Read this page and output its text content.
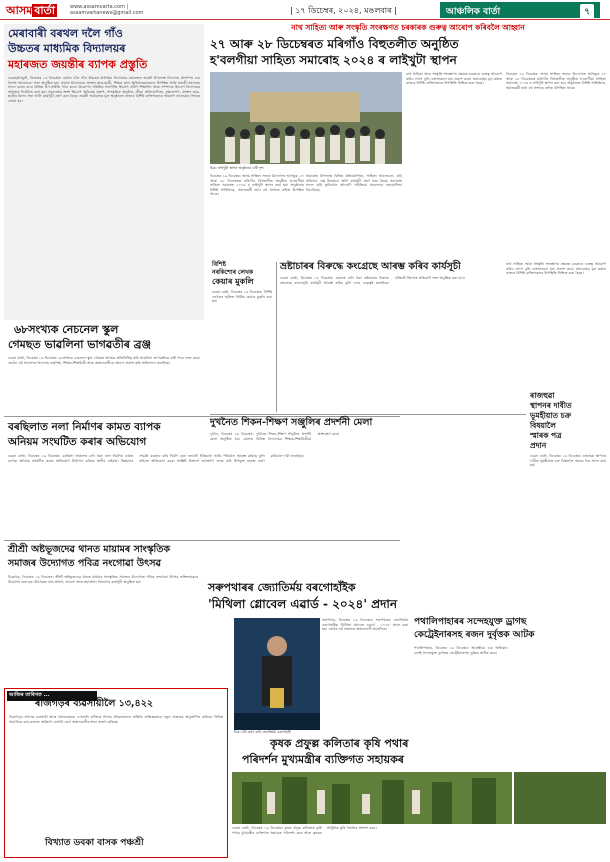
আসম বাৰ্তা	www.assamvarta.com | assamvartanews@gmail.com	| ১৭ ডিচেম্বৰ, ২০২৪, মঙলবাৰ |	আঞ্চলিক বাৰ্তা	৭
মেৰাবাৰী বৰথল দলৈ গাঁও
উচ্চতৰ মাধ্যমিক বিদ্যালয়ৰ
মহাৰজত জয়ন্তীৰ ব্যাপক প্ৰস্তুতি
ডবকা/মাজুলী, ডিচেম্বৰ ১৬ ডিচেম্বৰ: বৰথল দলৈ গাঁও উচ্চতৰ মাধ্যমিক বিদ্যালয়ৰ মহাৰজত জয়ন্তী উপলক্ষে বিদ্যালয় প্ৰাংগণত এক বিশেষ আলোচনা সভা অনুষ্ঠিত হয়। সভাত বিদ্যালয়ৰ প্ৰাক্তন ছাত্ৰ-ছাত্ৰী, শিক্ষক তথা অভিভাৱকসকলে উপস্থিত থাকি জয়ন্তী সমাৰোহ সফল কৰাৰ বাবে বিভিন্ন উপ-সমিতি গঠন কৰে। উদযাপন সমিতিৰ সভাপতি হিচাপে প্ৰবীণ শিক্ষাবিদ আৰু সম্পাদক হিচাপে বিদ্যালয়ৰ অধ্যক্ষক নিৰ্বাচিত কৰা হয়। সমাৰোহৰ অংশ হিচাপে স্মৃতিগ্ৰন্থ প্ৰকাশ, সাংস্কৃতিক অনুষ্ঠান, ক্ৰীড়া প্ৰতিযোগিতা, বৃক্ষৰোপণ, প্ৰাক্তন ছাত্ৰ-ছাত্ৰীৰ মিলন সভা আদি কাৰ্যসূচী গ্ৰহণ কৰা হৈছে। জয়ন্তী সমাৰোহৰ মূল অনুষ্ঠানত ৰাজ্যৰ বিশিষ্ট ব্যক্তিসকলক আমন্ত্ৰণ জনোৱাৰ সিদ্ধান্ত লোৱা হয়।
৬৮সংখ্যক নেচনেল স্কুল
গেমছত ভাৱলিনা ভাগৱতীৰ ব্ৰঞ্জ
ডবকা বাৰ্তা, ডিচেম্বৰ ১৬ ডিচেম্বৰ: ৬৮সংখ্যক নেচনেল স্কুল গেমছত অসমক প্ৰতিনিধিত্ব কৰি ভাৱলিনা ভাগৱতীয়ে ব্ৰঞ্জ পদক লাভ কৰে। তেওঁৰ এই সাফল্যত বিদ্যালয় কৰ্তৃপক্ষ, শিক্ষক-শিক্ষয়িত্ৰী আৰু অঞ্চলবাসীয়ে আনন্দ প্ৰকাশ কৰি অভিনন্দন জনাইছে।
বৰছিলাত নলা নিৰ্মাণৰ কামত ব্যাপক
অনিয়ম সংঘটিত কৰাৰ অভিযোগ
ডবকা বাৰ্তা, ডিচেম্বৰ ১৬ ডিচেম্বৰ: বৰছিলা অঞ্চলত চলি থকা নলা নিৰ্মাণৰ কামত ব্যাপক অনিয়ম সংঘটিত কৰাৰ অভিযোগ উত্থাপন কৰিছে স্থানীয় ৰাইজে। নিম্নমানৰ সামগ্ৰী ব্যৱহাৰ কৰি নিৰ্মাণ কৰা নলাটো ইতিমধ্যে ভাঙি পৰিবলৈ আৰম্ভ কৰিছে বুলি ৰাইজে অভিযোগ কৰে। সংশ্লিষ্ট বিভাগে তৎক্ষণাৎ তদন্ত কৰি উপযুক্ত ব্যৱস্থা গ্ৰহণ কৰিবলৈ দাবী জনাইছে।
শ্ৰীশ্ৰী অষ্টভূজদেৱ থানত মায়ামৰ সাংস্কৃতিক
সমাজৰ উদ্যোগত পবিত্ৰ নংগোৱা উৎসৱ
ডিব্ৰুগড়, ডিচেম্বৰ ১৬ ডিচেম্বৰ: শ্ৰীশ্ৰী অষ্টভূজদেৱ থানত মায়ামৰ সাংস্কৃতিক সমাজৰ উদ্যোগত পবিত্ৰ নংগোৱা উৎসৱ ভক্তিভাৱেৰে উদযাপন কৰা হয়। উৎসৱত নাম-প্ৰসংগ, ভাওনা আৰু মহাপ্ৰসাদ বিতৰণৰ কাৰ্যসূচী অনুষ্ঠিত হয়।
আজিৰ তাৰিখত ...
ৰাজগড়ৰ ব্যৱসায়ীলৈ ১৩,৪২২
ডিব্ৰুগড়ৰ প্ৰখ্যাত ব্যৱসায়ী আৰু সমাজসেৱক এগৰাকী ব্যক্তিয়ে নিজৰ জীৱনকালত অৰ্জিত অভিজ্ঞতাৰে নতুন প্ৰজন্মক অনুপ্ৰাণিত কৰিছে। বিভিন্ন সামাজিক কাম-কাজত অৰিহণা যোগাই তেওঁ অঞ্চলবাসীৰ শ্ৰদ্ধা অৰ্জন কৰিছে।
বিখ্যাত ডবকা বাসক পঞ্চশ্ৰী
নাথ সাহিত্য আৰু সংস্কৃতি সংৰক্ষণত চৰকাৰক গুৰুত্ব আৰোপ কৰিবলৈ আহ্বান
২৭ আৰু ২৮ ডিচেম্বৰত মৰিগাঁও বিহুতলীত অনুষ্ঠিত
হ'বলগীয়া সাহিত্য সমাৰোহ ২০২৪ ৰ লাইখুটা স্থাপন
চিত্ৰ: লাইখুটা স্থাপন অনুষ্ঠানৰ এটি দৃশ্য
ডিচেম্বৰ ১৬ ডিচেম্বৰ: অসম সাহিত্য সভাৰ উদ্যোগত আগন্তুক ২৭ আৰু ২৮ ডিচেম্বৰত মৰিগাঁও বিহুতলীত অনুষ্ঠিত হ'বলগীয়া সাহিত্য সমাৰোহ ২০২৪ ৰ লাইখুটা স্থাপন কৰা হয়। অনুষ্ঠানত বিশিষ্ট সাহিত্যিক, সমাজকৰ্মী তথা বহু সংখ্যক ৰাইজ উপস্থিত থাকে।
সমাৰোহ উপলক্ষে বিভিন্ন প্ৰতিযোগিতা, সাহিত্য আলোচনা, কবি সন্মিলন, গ্ৰন্থ উন্মোচন আদি কাৰ্যসূচী গ্ৰহণ কৰা হৈছে। সমাৰোহ সফল কৰি তুলিবলৈ আদৰণি সমিতিয়ে সকলোৰে সহযোগিতা বিচাৰিছে।
নাথ সাহিত্য আৰু সংস্কৃতি সংৰক্ষণৰ ক্ষেত্ৰত চৰকাৰে গুৰুত্ব আৰোপ কৰিব লাগে বুলি বক্তাসকলে মত প্ৰকাশ কৰে। সমাৰোহৰ মূল মঞ্চত ৰাজ্যৰ বিশিষ্ট ব্যক্তিসকলৰ উপস্থিতি নিশ্চিত কৰা হৈছে।
ডিচেম্বৰ ১৬ ডিচেম্বৰ: অসম সাহিত্য সভাৰ উদ্যোগত আগন্তুক ২৭ আৰু ২৮ ডিচেম্বৰত মৰিগাঁও বিহুতলীত অনুষ্ঠিত হ'বলগীয়া সাহিত্য সমাৰোহ ২০২৪ ৰ লাইখুটা স্থাপন কৰা হয়। অনুষ্ঠানত বিশিষ্ট সাহিত্যিক, সমাজকৰ্মী তথা বহু সংখ্যক ৰাইজ উপস্থিত থাকে।
বিশিষ্ট
নৰকিশোৰ লেখক
কেয়াৰ মুকলি
ডবকা বাৰ্তা, ডিচেম্বৰ ১৬ ডিচেম্বৰ: বিশিষ্ট লেখকৰ স্মৃতিত নিৰ্মিত কেয়াৰ মুকলি কৰা হয়।
ভ্ৰষ্টাচাৰৰ বিৰুদ্ধে কংগ্ৰেছে আৰম্ভ কৰিব কাৰ্যসূচী
ডবকা বাৰ্তা, ডিচেম্বৰ ১৬ ডিচেম্বৰ: ৰাজ্যত চলি থকা ভ্ৰষ্টাচাৰৰ বিৰুদ্ধে কংগ্ৰেছে ৰাজ্যজুৰি কাৰ্যসূচী আৰম্ভ কৰিব বুলি দলৰ নেতৃত্বই জনাইছে। প্ৰতিটো জিলাত প্ৰতিবাদী সভা অনুষ্ঠিত কৰা হ'ব।
নাথ সাহিত্য আৰু সংস্কৃতি সংৰক্ষণৰ ক্ষেত্ৰত চৰকাৰে গুৰুত্ব আৰোপ কৰিব লাগে বুলি বক্তাসকলে মত প্ৰকাশ কৰে। সমাৰোহৰ মূল মঞ্চত ৰাজ্যৰ বিশিষ্ট ব্যক্তিসকলৰ উপস্থিতি নিশ্চিত কৰা হৈছে।
ৰাজহুৱা
স্থাপনৰ দাবীত
ভূমহীয়াত চক্ৰ
বিষয়ালৈ
স্মাৰক পত্ৰ
প্ৰদান
ডবকা বাৰ্তা, ডিচেম্বৰ ১৬ ডিচেম্বৰ: ৰাজহুৱা স্থাপনৰ দাবীত ভূমহীয়াত চক্ৰ বিষয়ালৈ স্মাৰক পত্ৰ প্ৰদান কৰা হয়।
দুখনৈত শিকন-শিক্ষণ সঞ্জুলিৰ প্ৰদৰ্শনী মেলা
দুখনৈ, ডিচেম্বৰ ১৬ ডিচেম্বৰ: দুখনৈত শিকন-শিক্ষণ সঁজুলিৰ প্ৰদৰ্শনী মেলা অনুষ্ঠিত হয়। মেলাত বিভিন্ন বিদ্যালয়ৰ শিক্ষক-শিক্ষয়িত্ৰীয়ে অংশগ্ৰহণ কৰে।
সৰুপথাৰৰ জ্যোতিৰ্ময় বৰগোহাঁইক
'মিথিলা গ্লোবেল এৱাৰ্ড - ২০২৪' প্ৰদান
সৰুপথাৰ, ডিচেম্বৰ ১৬ ডিচেম্বৰ: সৰুপথাৰৰ জ্যোতিৰ্ময় বৰগোহাঁইক 'মিথিলা গ্লোবেল এৱাৰ্ড - ২০২৪' প্ৰদান কৰা হয়। তেওঁৰ এই সন্মানত অঞ্চলবাসী আনন্দিত।
চিত্ৰ: বঁটা গ্ৰহণ কৰি জ্যোতিৰ্ময় বৰগোহাঁই
পথালিপাহাৰৰ সন্দেহযুক্ত ড্ৰাগছ
কেট্ৰেইনাৰসহ ৰজন দুৰ্বৃত্তক আটক
পথালিপাহাৰ, ডিচেম্বৰ ১৬ ডিচেম্বৰ: আৰক্ষীয়ে এক অভিযান চলাই সন্দেহযুক্ত ড্ৰাগছৰ কেট্ৰেইনাৰসহ দুৰ্বৃত্তক আটক কৰে।
কৃষক প্ৰফুল্ল কলিতাৰ কৃষি পথাৰ
পৰিদৰ্শন মুখ্যমন্ত্ৰীৰ ব্যক্তিগত সহায়কৰ
ডবকা বাৰ্তা, ডিচেম্বৰ ১৬ ডিচেম্বৰ: কৃষক প্ৰফুল্ল কলিতাৰ কৃষি পথাৰ মুখ্যমন্ত্ৰীৰ ব্যক্তিগত সহায়কে পৰিদৰ্শন কৰে আৰু কৃষকৰ আধুনিক কৃষি পদ্ধতিৰ প্ৰশংসা কৰে।
